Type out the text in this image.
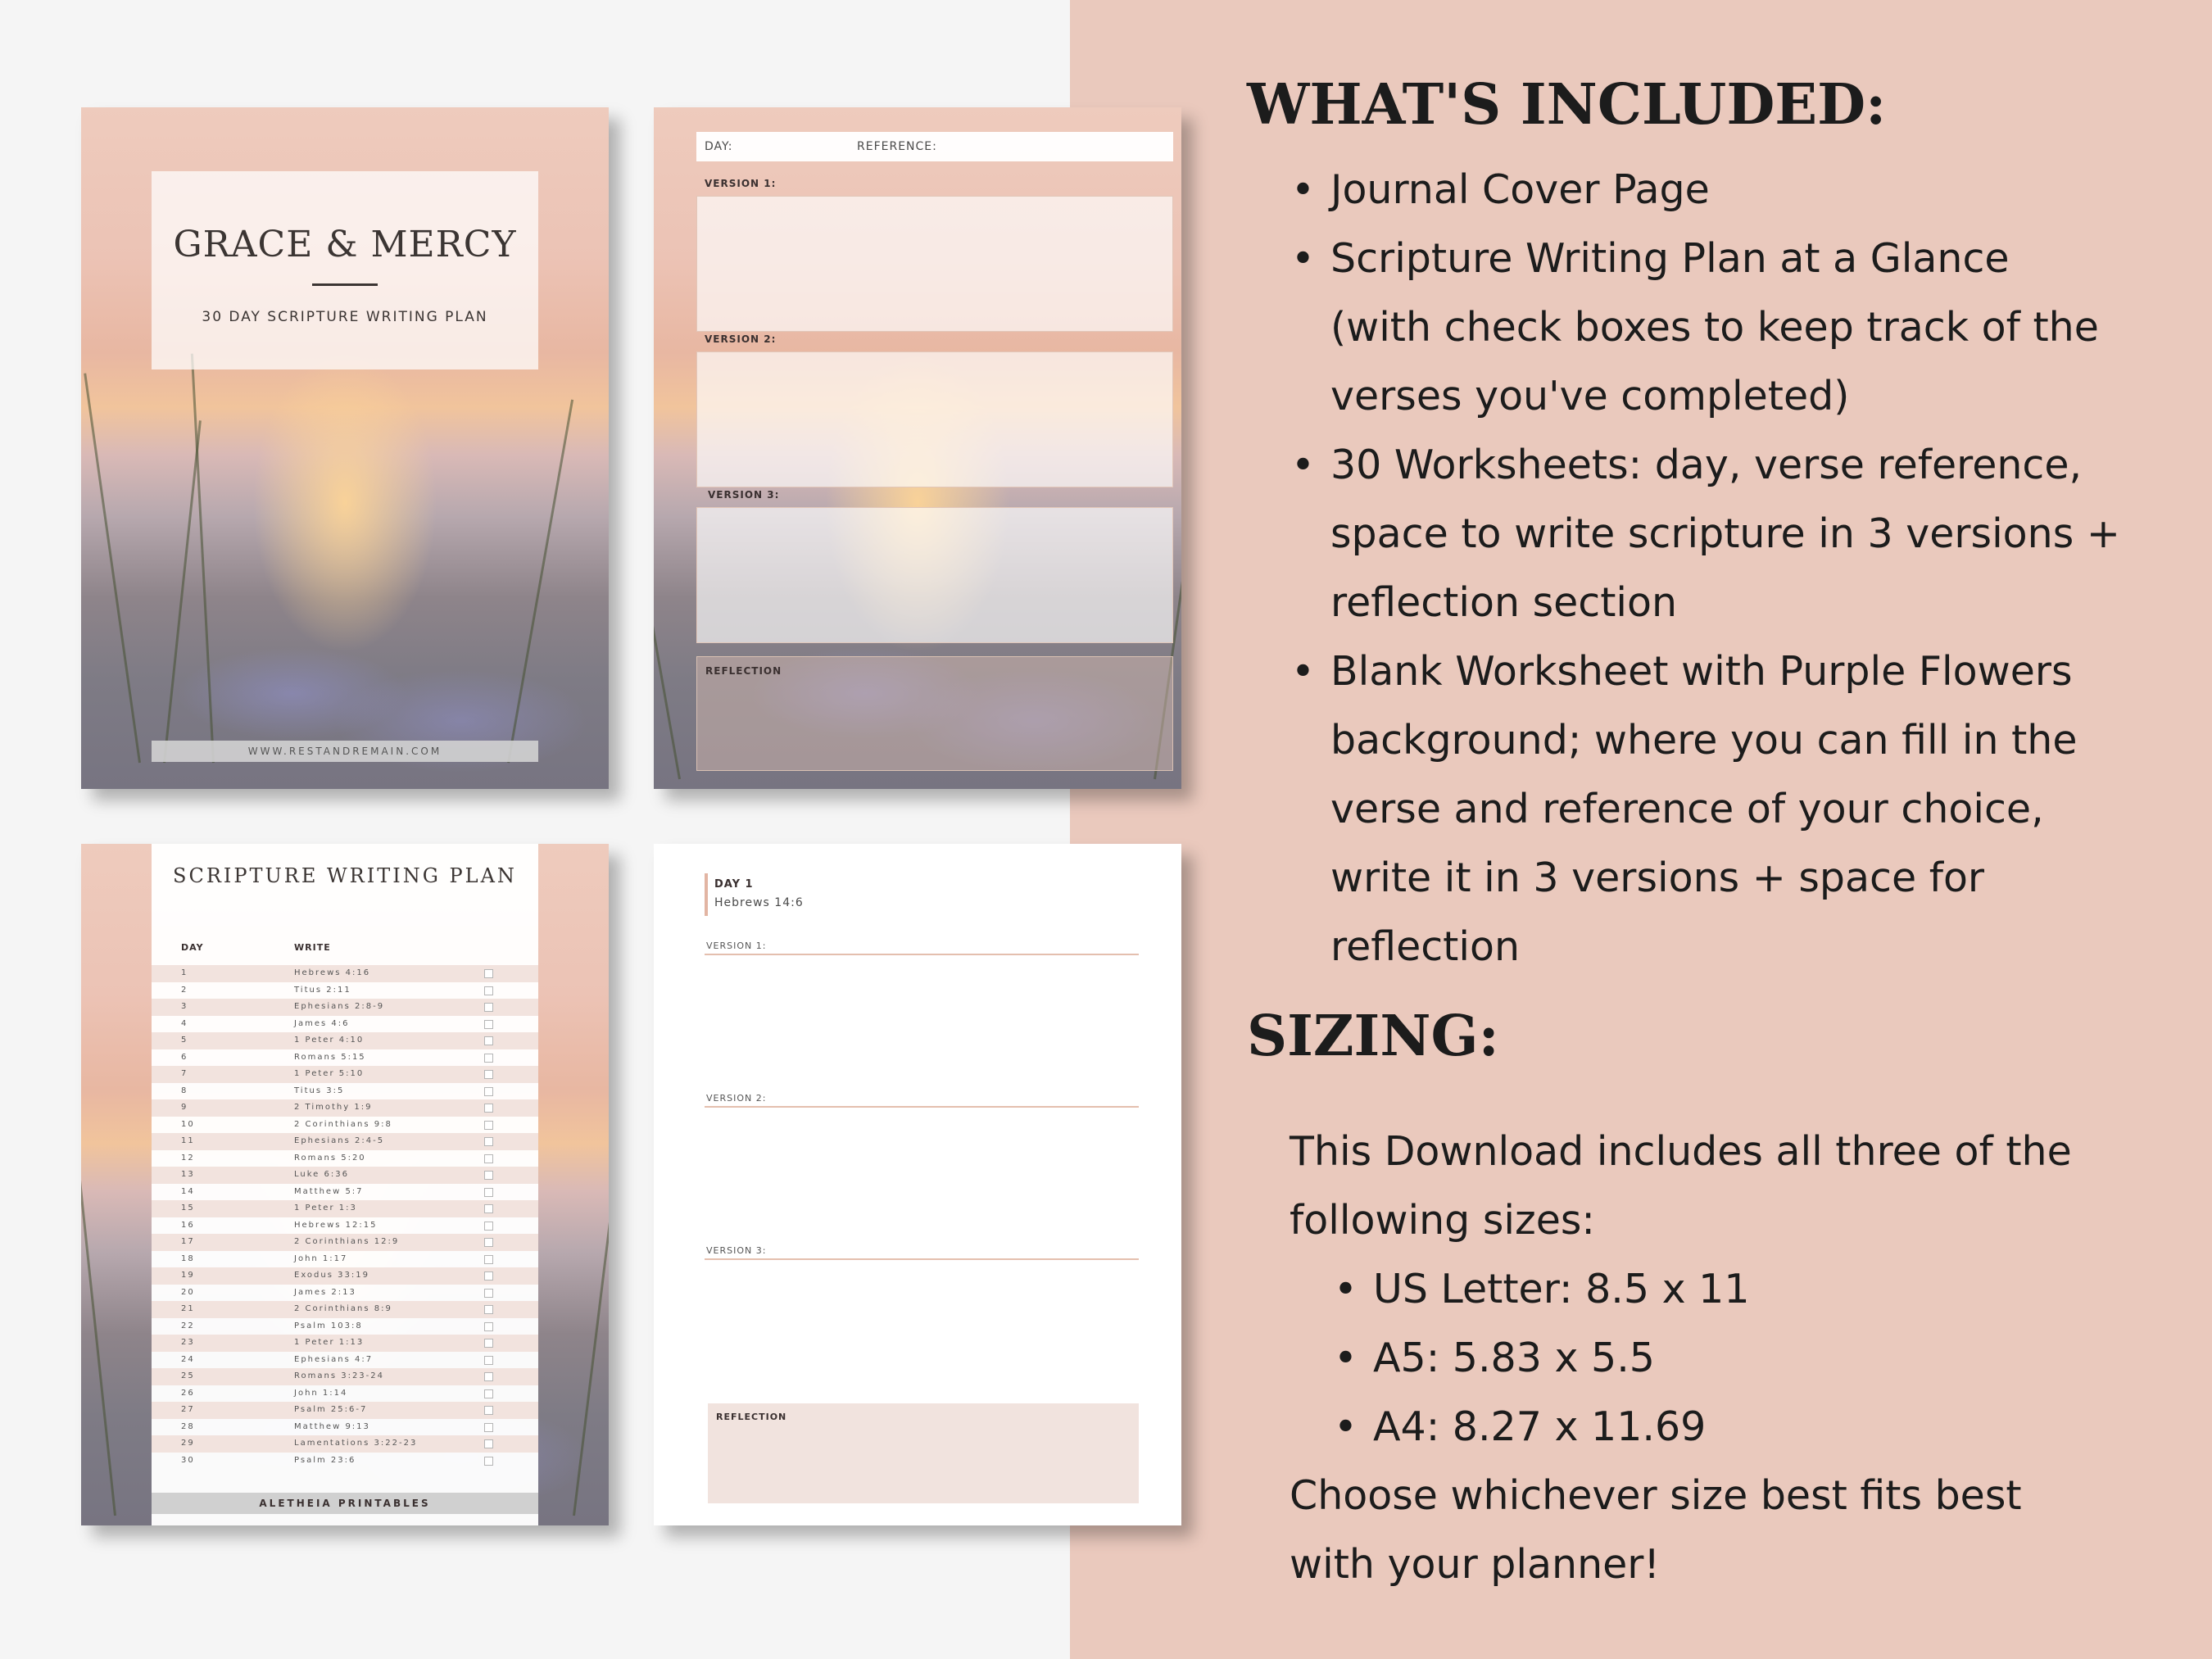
GRACE & MERCY
30 DAY SCRIPTURE WRITING PLAN
WWW.RESTANDREMAIN.COM
DAY:	REFERENCE:
VERSION 1:
VERSION 2:
VERSION 3:
REFLECTION
SCRIPTURE WRITING PLAN
DAY	WRITE
1	Hebrews 4:16
2	Titus 2:11
3	Ephesians 2:8-9
4	James 4:6
5	1 Peter 4:10
6	Romans 5:15
7	1 Peter 5:10
8	Titus 3:5
9	2 Timothy 1:9
10	2 Corinthians 9:8
11	Ephesians 2:4-5
12	Romans 5:20
13	Luke 6:36
14	Matthew 5:7
15	1 Peter 1:3
16	Hebrews 12:15
17	2 Corinthians 12:9
18	John 1:17
19	Exodus 33:19
20	James 2:13
21	2 Corinthians 8:9
22	Psalm 103:8
23	1 Peter 1:13
24	Ephesians 4:7
25	Romans 3:23-24
26	John 1:14
27	Psalm 25:6-7
28	Matthew 9:13
29	Lamentations 3:22-23
30	Psalm 23:6
ALETHEIA PRINTABLES
DAY 1
Hebrews 14:6
VERSION 1:
VERSION 2:
VERSION 3:
REFLECTION
WHAT'S INCLUDED:
• Journal Cover Page
• Scripture Writing Plan at a Glance
(with check boxes to keep track of the
verses you've completed)
• 30 Worksheets: day, verse reference,
space to write scripture in 3 versions +
reflection section
• Blank Worksheet with Purple Flowers
background; where you can fill in the
verse and reference of your choice,
write it in 3 versions + space for
reflection
SIZING:
This Download includes all three of the
following sizes:
• US Letter: 8.5 x 11
• A5: 5.83 x 5.5
• A4: 8.27 x 11.69
Choose whichever size best fits best
with your planner!
